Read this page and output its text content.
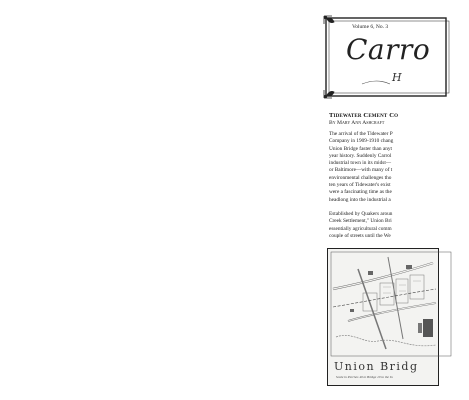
Volume 6, No. 3
Carro
H
Tidewater Cement Co
By Mary Ann Ashcraft
The arrival of the Tidewater P
Company in 1909-1910 chang
Union Bridge faster than anyt
year history. Suddenly Carrol
industrial town in its midst—
or Baltimore—with many of t
environmental challenges tho
ten years of Tidewater's exist
were a fascinating time as the
headlong into the industrial a
Established by Quakers aroun
Creek Settlement," Union Bri
essentially agricultural comm
couple of streets until the We
Union Bridg
Scale in Perches 40 to Bridge 10 to the In
